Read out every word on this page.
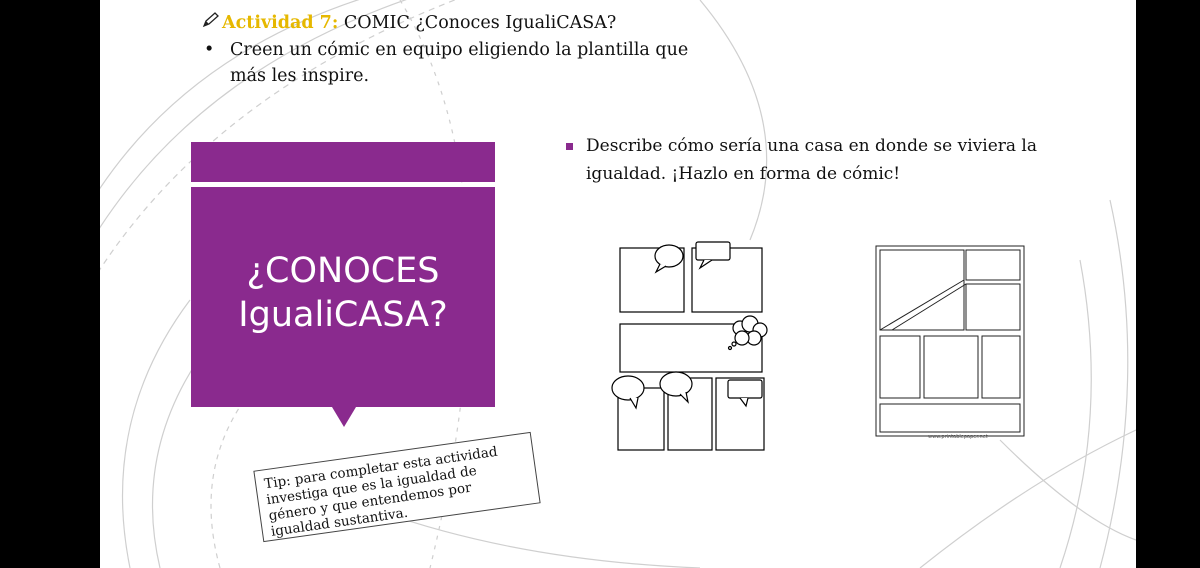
Actividad 7: COMIC ¿Conoces IgualiCASA?
• Creen un cómic en equipo eligiendo la plantilla que
más les inspire.
¿CONOCES
IgualiCASA?
Tip: para completar esta actividad investiga que es la igualdad de género y que entendemos por igualdad sustantiva.
Describe cómo sería una casa en donde se viviera la
igualdad. ¡Hazlo en forma de cómic!
www.printablepaper.net
